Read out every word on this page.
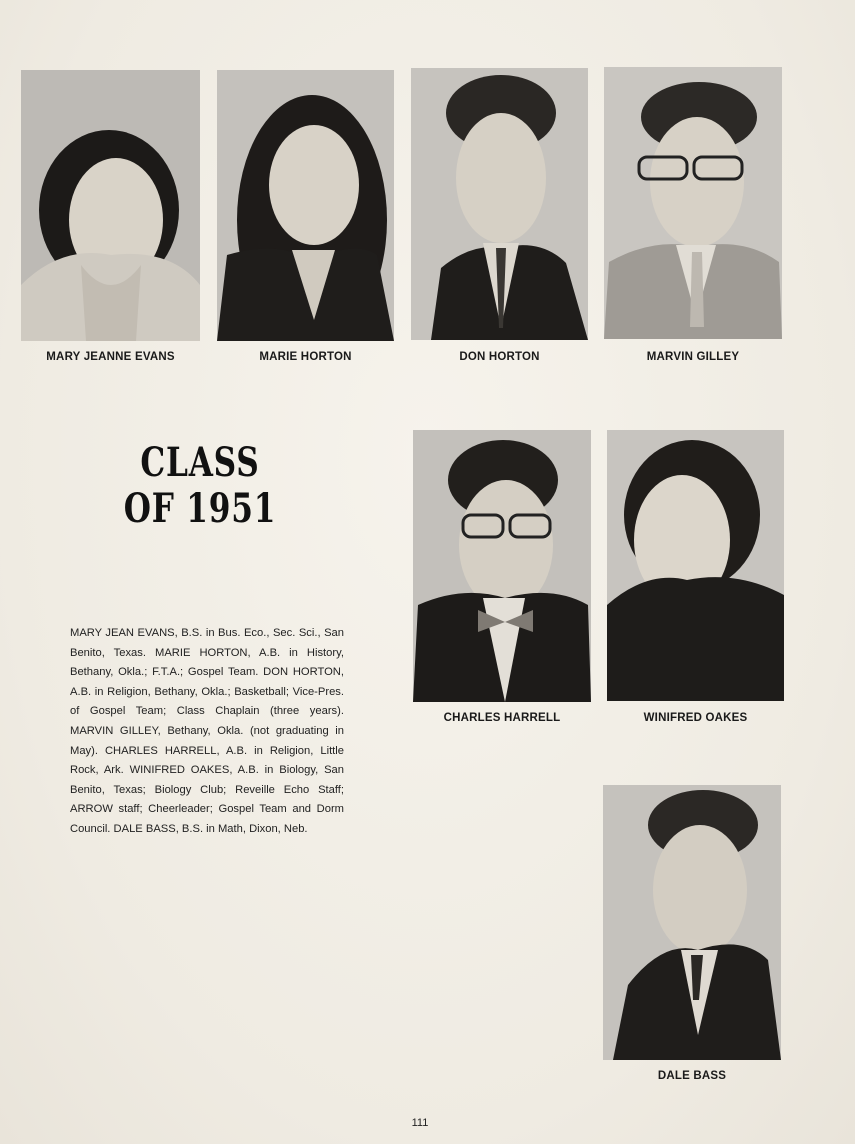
MARY JEANNE EVANS	MARIE HORTON	DON HORTON	MARVIN GILLEY
CLASS
OF 1951
CHARLES HARRELL	WINIFRED OAKES
MARY JEAN EVANS, B.S. in Bus. Eco., Sec. Sci., San Benito, Texas. MARIE HORTON, A.B. in History, Bethany, Okla.; F.T.A.; Gospel Team. DON HORTON, A.B. in Religion, Bethany, Okla.; Basketball; Vice-Pres. of Gospel Team; Class Chaplain (three years). MARVIN GILLEY, Bethany, Okla. (not graduating in May). CHARLES HARRELL, A.B. in Religion, Little Rock, Ark. WINIFRED OAKES, A.B. in Biology, San Benito, Texas; Biology Club; Reveille Echo Staff; ARROW staff; Cheerleader; Gospel Team and Dorm Council. DALE BASS, B.S. in Math, Dixon, Neb.
DALE BASS
111
